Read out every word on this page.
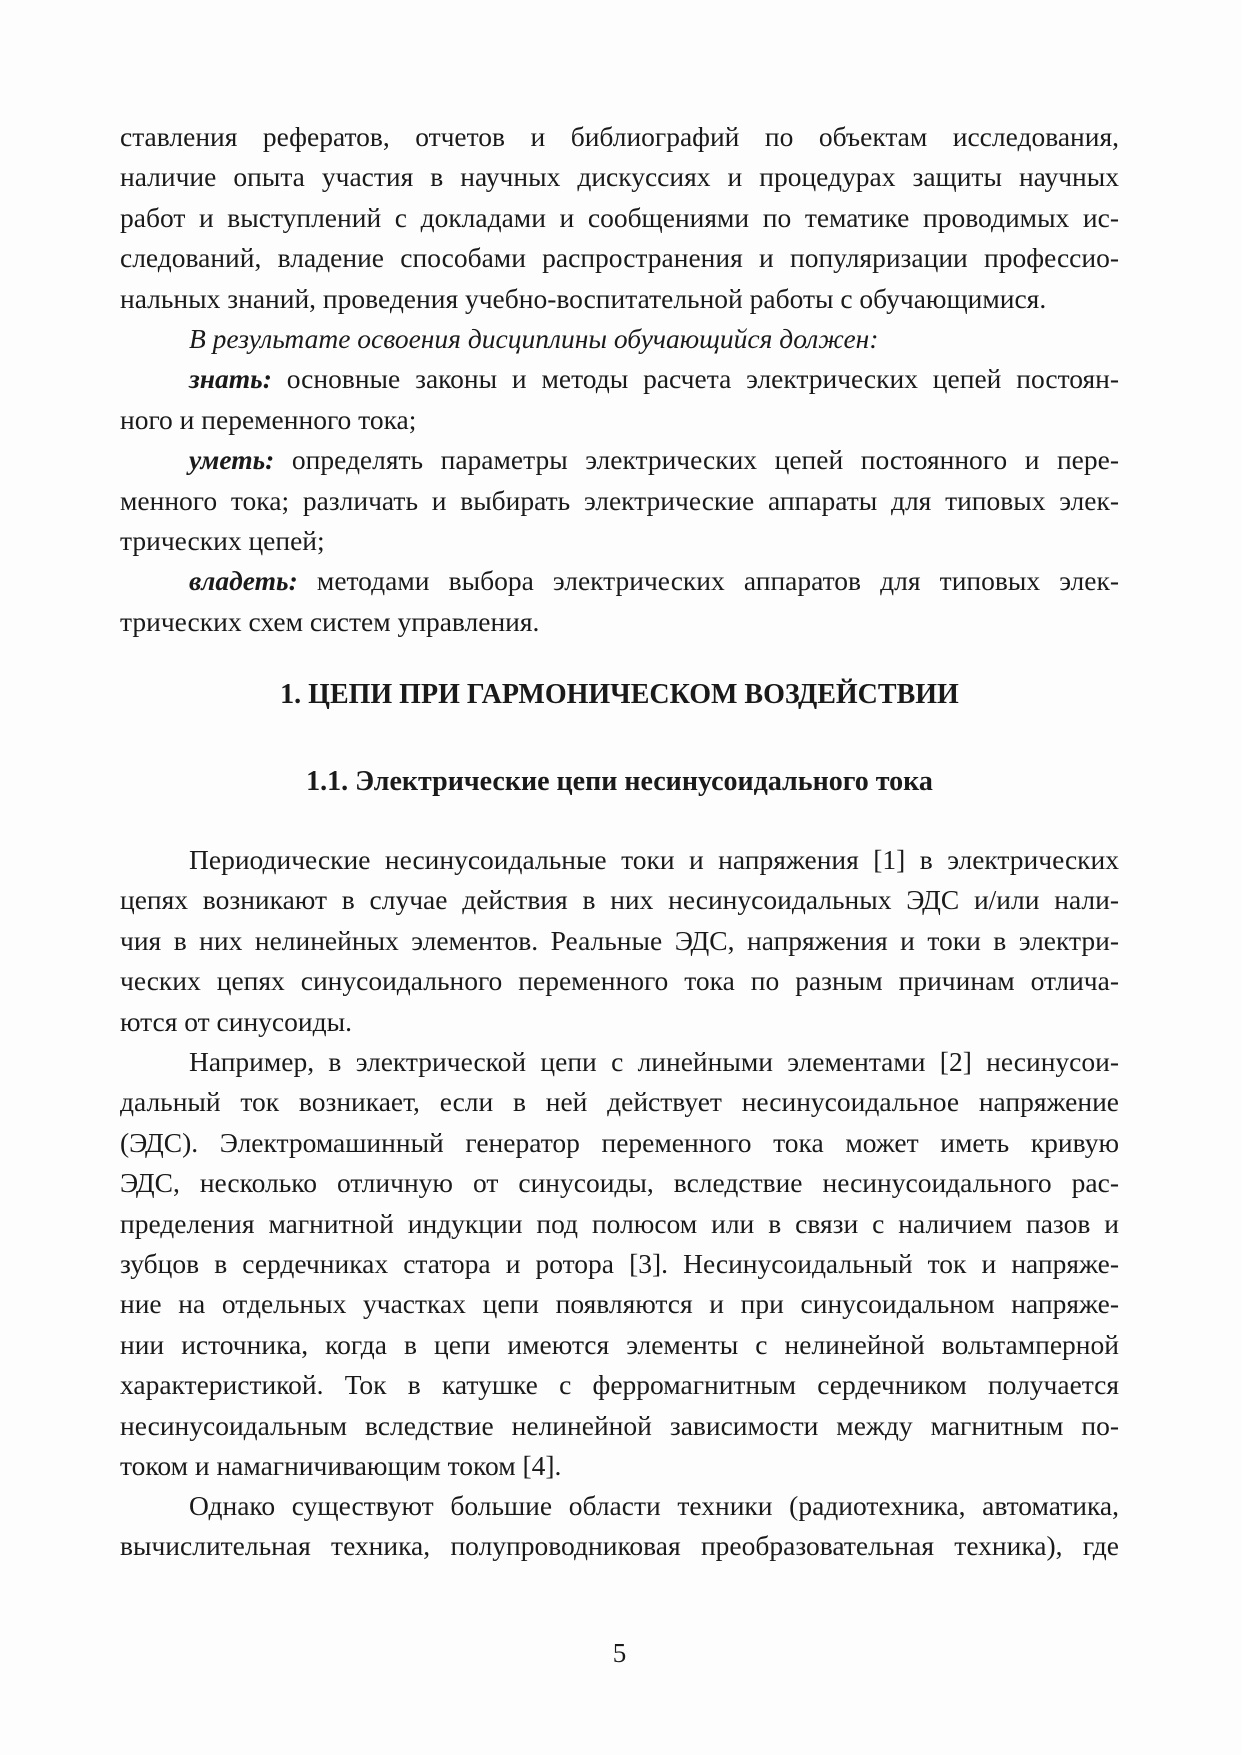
ставления рефератов, отчетов и библиографий по объектам исследования,
наличие опыта участия в научных дискуссиях и процедурах защиты научных
работ и выступлений с докладами и сообщениями по тематике проводимых ис-
следований, владение способами распространения и популяризации профессио-
нальных знаний, проведения учебно-воспитательной работы с обучающимися.
В результате освоения дисциплины обучающийся должен:
знать: основные законы и методы расчета электрических цепей постоян-
ного и переменного тока;
уметь: определять параметры электрических цепей постоянного и пере-
менного тока; различать и выбирать электрические аппараты для типовых элек-
трических цепей;
владеть: методами выбора электрических аппаратов для типовых элек-
трических схем систем управления.
1. ЦЕПИ ПРИ ГАРМОНИЧЕСКОМ ВОЗДЕЙСТВИИ
1.1. Электрические цепи несинусоидального тока
Периодические несинусоидальные токи и напряжения [1] в электрических
цепях возникают в случае действия в них несинусоидальных ЭДС и/или нали-
чия в них нелинейных элементов. Реальные ЭДС, напряжения и токи в электри-
ческих цепях синусоидального переменного тока по разным причинам отлича-
ются от синусоиды.
Например, в электрической цепи с линейными элементами [2] несинусои-
дальный ток возникает, если в ней действует несинусоидальное напряжение
(ЭДС). Электромашинный генератор переменного тока может иметь кривую
ЭДС, несколько отличную от синусоиды, вследствие несинусоидального рас-
пределения магнитной индукции под полюсом или в связи с наличием пазов и
зубцов в сердечниках статора и ротора [3]. Несинусоидальный ток и напряже-
ние на отдельных участках цепи появляются и при синусоидальном напряже-
нии источника, когда в цепи имеются элементы с нелинейной вольтамперной
характеристикой. Ток в катушке с ферромагнитным сердечником получается
несинусоидальным вследствие нелинейной зависимости между магнитным по-
током и намагничивающим током [4].
Однако существуют большие области техники (радиотехника, автоматика,
вычислительная техника, полупроводниковая преобразовательная техника), где
5
